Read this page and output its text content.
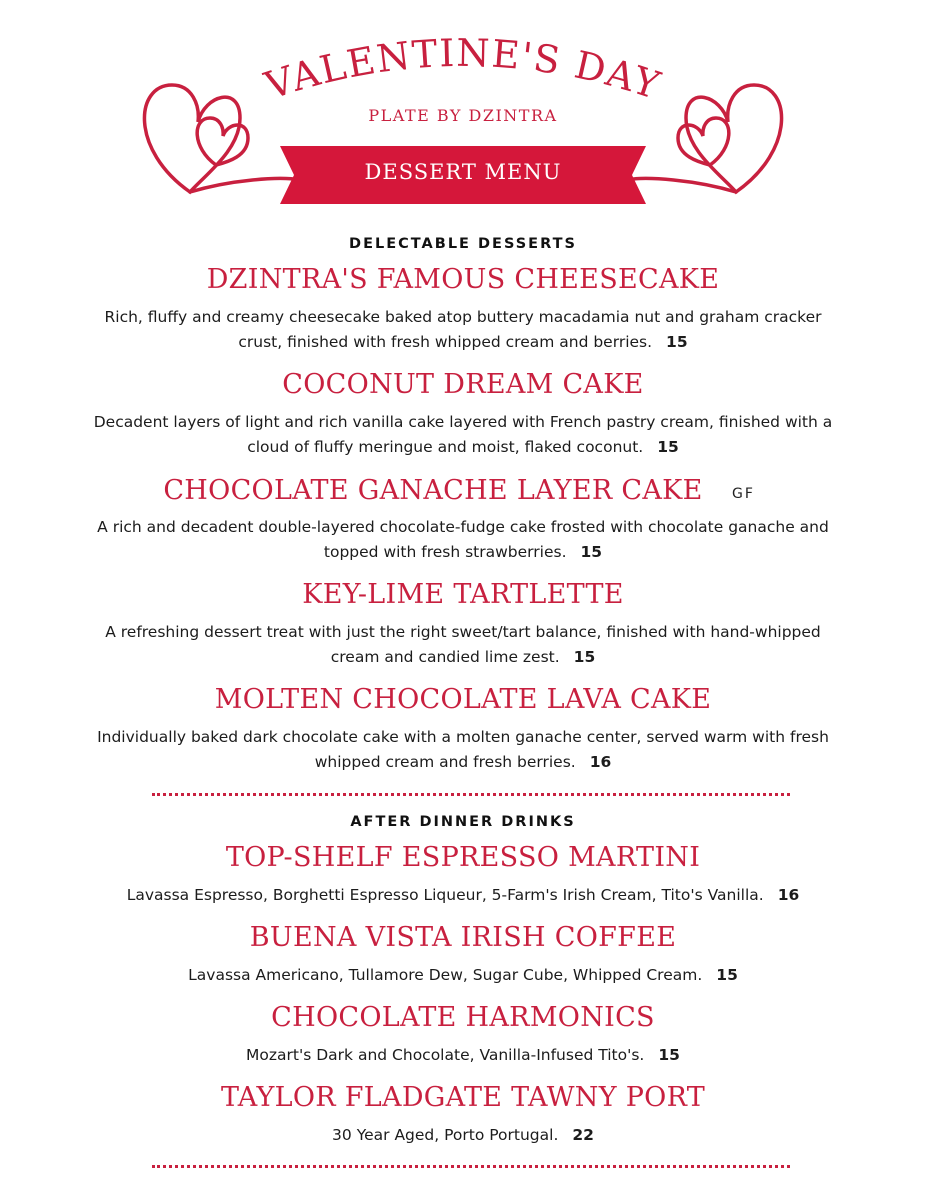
VALENTINE'S DAY
PLATE BY DZINTRA
DESSERT MENU
DELECTABLE DESSERTS
DZINTRA'S FAMOUS CHEESECAKE
Rich, fluffy and creamy cheesecake baked atop buttery macadamia nut and graham cracker crust, finished with fresh whipped cream and berries. 15
COCONUT DREAM CAKE
Decadent layers of light and rich vanilla cake layered with French pastry cream, finished with a cloud of fluffy meringue and moist, flaked coconut. 15
CHOCOLATE GANACHE LAYER CAKE	GF
A rich and decadent double-layered chocolate-fudge cake frosted with chocolate ganache and topped with fresh strawberries. 15
KEY-LIME TARTLETTE
A refreshing dessert treat with just the right sweet/tart balance, finished with hand-whipped cream and candied lime zest. 15
MOLTEN CHOCOLATE LAVA CAKE
Individually baked dark chocolate cake with a molten ganache center, served warm with fresh whipped cream and fresh berries. 16
AFTER DINNER DRINKS
TOP-SHELF ESPRESSO MARTINI
Lavassa Espresso, Borghetti Espresso Liqueur, 5-Farm's Irish Cream, Tito's Vanilla. 16
BUENA VISTA IRISH COFFEE
Lavassa Americano, Tullamore Dew, Sugar Cube, Whipped Cream. 15
CHOCOLATE HARMONICS
Mozart's Dark and Chocolate, Vanilla-Infused Tito's. 15
TAYLOR FLADGATE TAWNY PORT
30 Year Aged, Porto Portugal. 22
